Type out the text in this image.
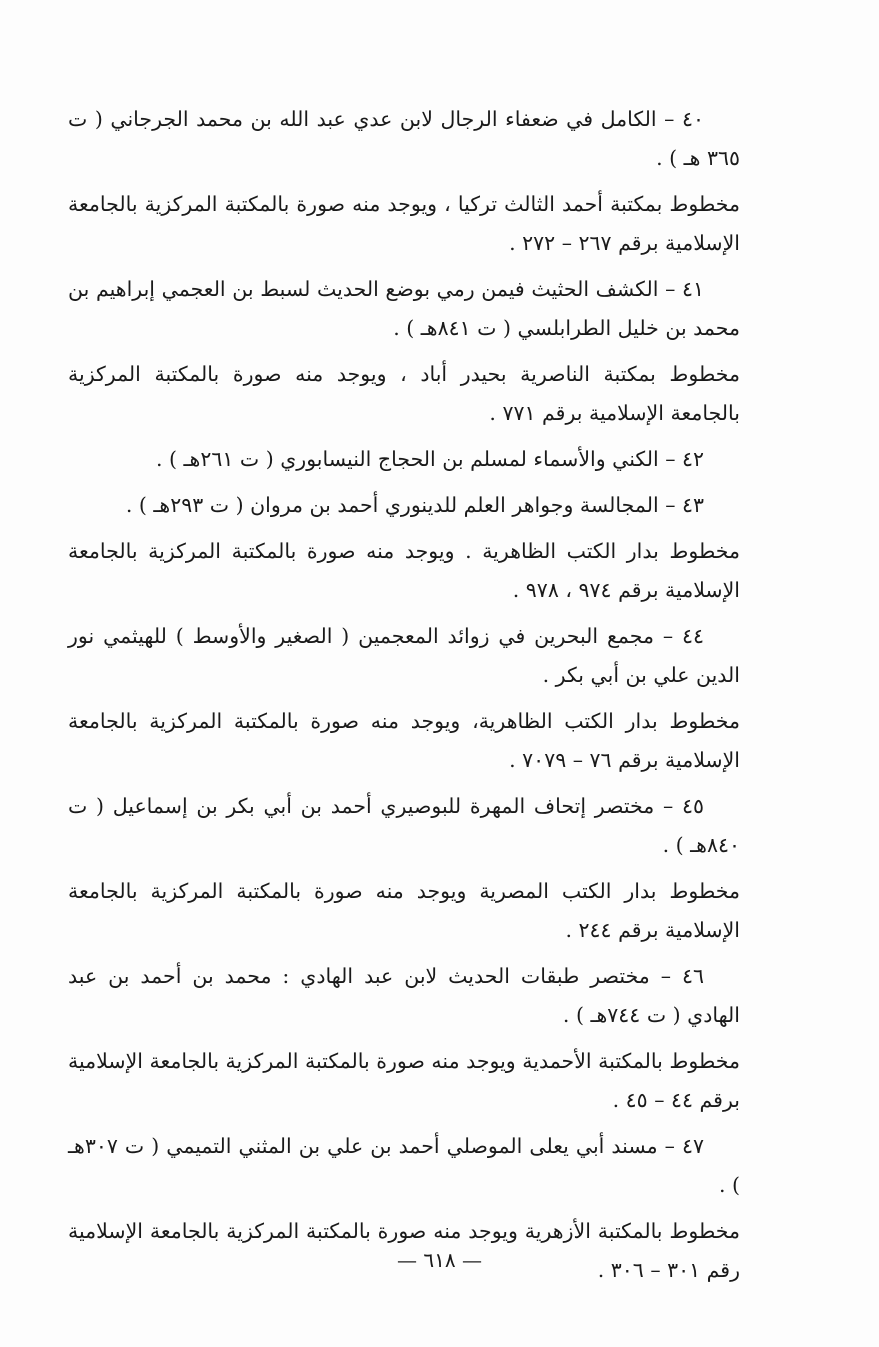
٤٠ – الكامل في ضعفاء الرجال لابن عدي عبد الله بن محمد الجرجاني ( ت ٣٦٥ هـ ) .

مخطوط بمكتبة أحمد الثالث تركيا ، ويوجد منه صورة بالمكتبة المركزية بالجامعة الإسلامية برقم ٢٦٧ – ٢٧٢ .

٤١ – الكشف الحثيث فيمن رمي بوضع الحديث لسبط بن العجمي إبراهيم بن محمد بن خليل الطرابلسي ( ت ٨٤١هـ ) .

مخطوط بمكتبة الناصرية بحيدر أباد ، ويوجد منه صورة بالمكتبة المركزية بالجامعة الإسلامية برقم ٧٧١ .

٤٢ – الكني والأسماء لمسلم بن الحجاج النيسابوري ( ت ٢٦١هـ ) .

٤٣ – المجالسة وجواهر العلم للدينوري أحمد بن مروان ( ت ٢٩٣هـ ) .

مخطوط بدار الكتب الظاهرية . ويوجد منه صورة بالمكتبة المركزية بالجامعة الإسلامية برقم ٩٧٤ ، ٩٧٨ .

٤٤ – مجمع البحرين في زوائد المعجمين ( الصغير والأوسط ) للهيثمي نور الدين علي بن أبي بكر .

مخطوط بدار الكتب الظاهرية، ويوجد منه صورة بالمكتبة المركزية بالجامعة الإسلامية برقم ٧٦ – ٧٠٧٩ .

٤٥ – مختصر إتحاف المهرة للبوصيري أحمد بن أبي بكر بن إسماعيل ( ت ٨٤٠هـ ) .

مخطوط بدار الكتب المصرية ويوجد منه صورة بالمكتبة المركزية بالجامعة الإسلامية برقم ٢٤٤ .

٤٦ – مختصر طبقات الحديث لابن عبد الهادي : محمد بن أحمد بن عبد الهادي ( ت ٧٤٤هـ ) .

مخطوط بالمكتبة الأحمدية ويوجد منه صورة بالمكتبة المركزية بالجامعة الإسلامية برقم ٤٤ – ٤٥ .

٤٧ – مسند أبي يعلى الموصلي أحمد بن علي بن المثني التميمي ( ت ٣٠٧هـ ) .

مخطوط بالمكتبة الأزهرية ويوجد منه صورة بالمكتبة المركزية بالجامعة الإسلامية رقم ٣٠١ – ٣٠٦ .

— ٦١٨ —
